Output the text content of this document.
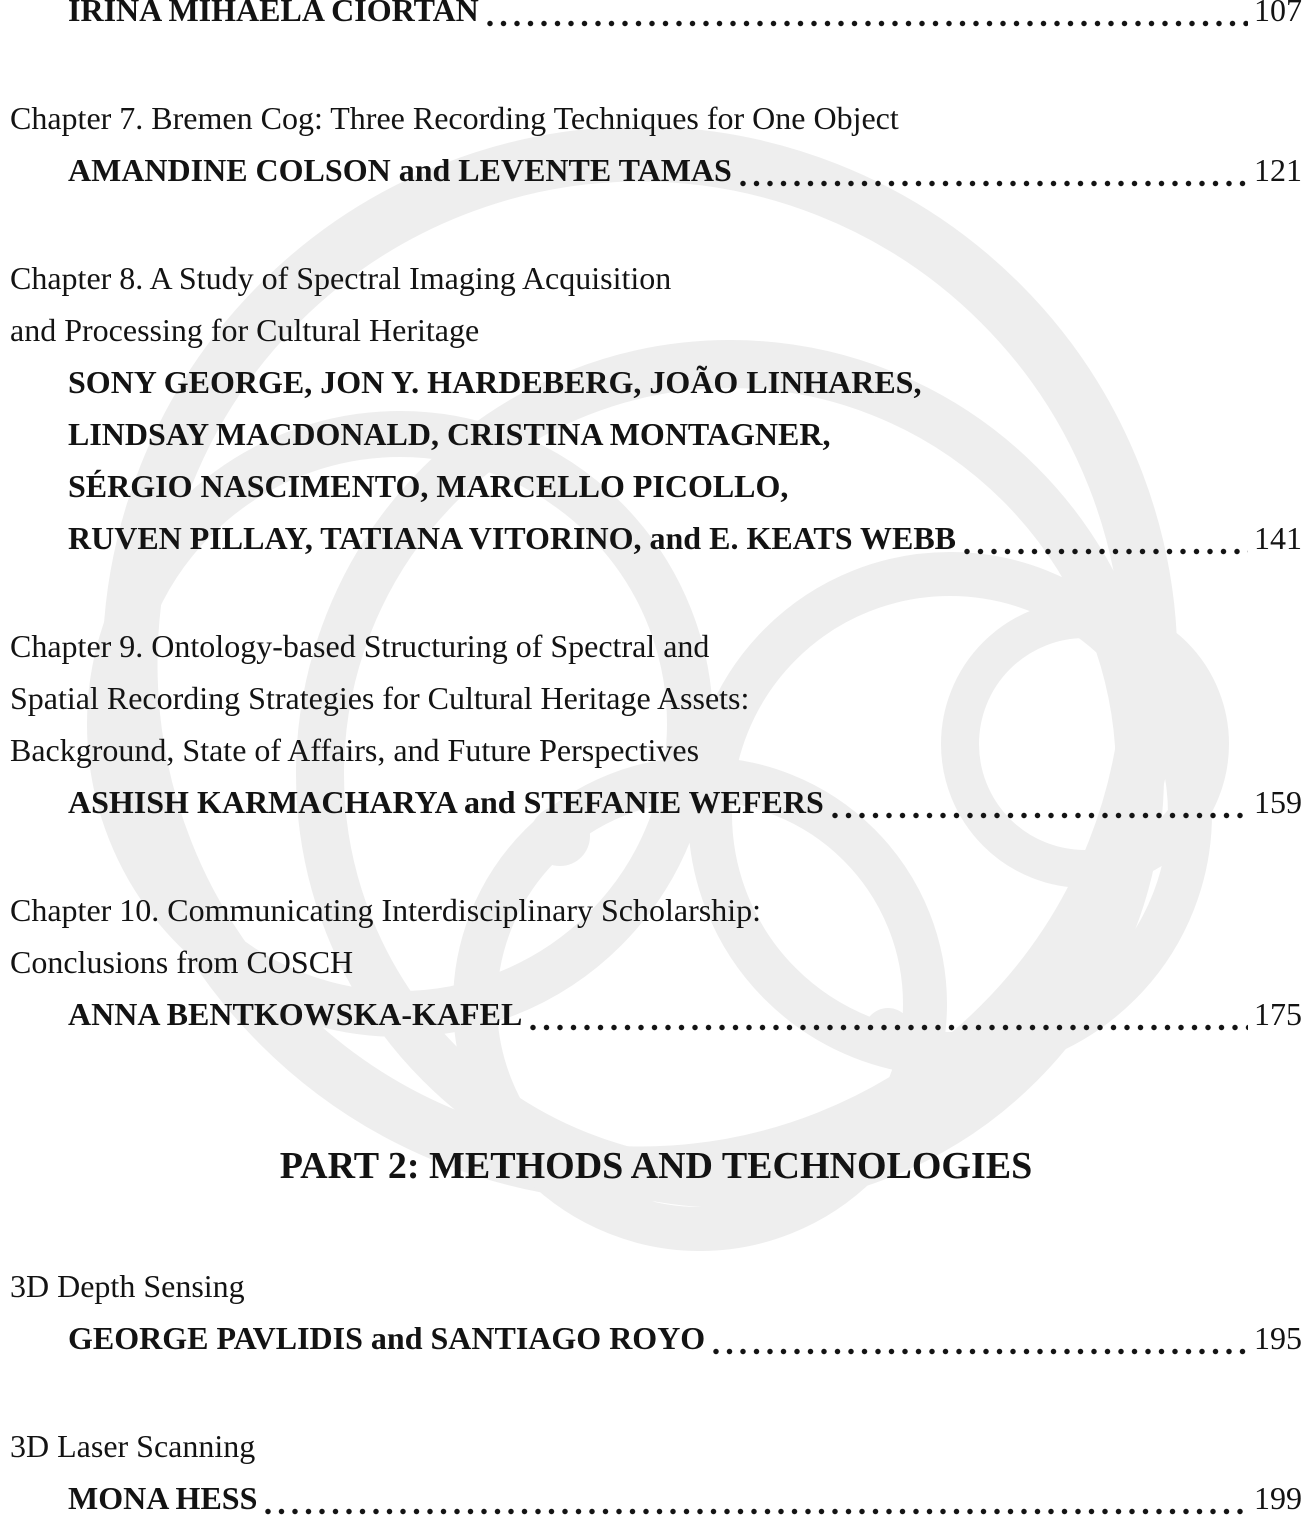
IRINA MIHAELA CIORTAN	107
Chapter 7. Bremen Cog: Three Recording Techniques for One Object
AMANDINE COLSON and LEVENTE TAMAS	121
Chapter 8. A Study of Spectral Imaging Acquisition
and Processing for Cultural Heritage
SONY GEORGE, JON Y. HARDEBERG, JOÃO LINHARES,
LINDSAY MACDONALD, CRISTINA MONTAGNER,
SÉRGIO NASCIMENTO, MARCELLO PICOLLO,
RUVEN PILLAY, TATIANA VITORINO, and E. KEATS WEBB	141
Chapter 9. Ontology-based Structuring of Spectral and
Spatial Recording Strategies for Cultural Heritage Assets:
Background, State of Affairs, and Future Perspectives
ASHISH KARMACHARYA and STEFANIE WEFERS	159
Chapter 10. Communicating Interdisciplinary Scholarship:
Conclusions from COSCH
ANNA BENTKOWSKA-KAFEL	175
PART 2: METHODS AND TECHNOLOGIES
3D Depth Sensing
GEORGE PAVLIDIS and SANTIAGO ROYO	195
3D Laser Scanning
MONA HESS	199
